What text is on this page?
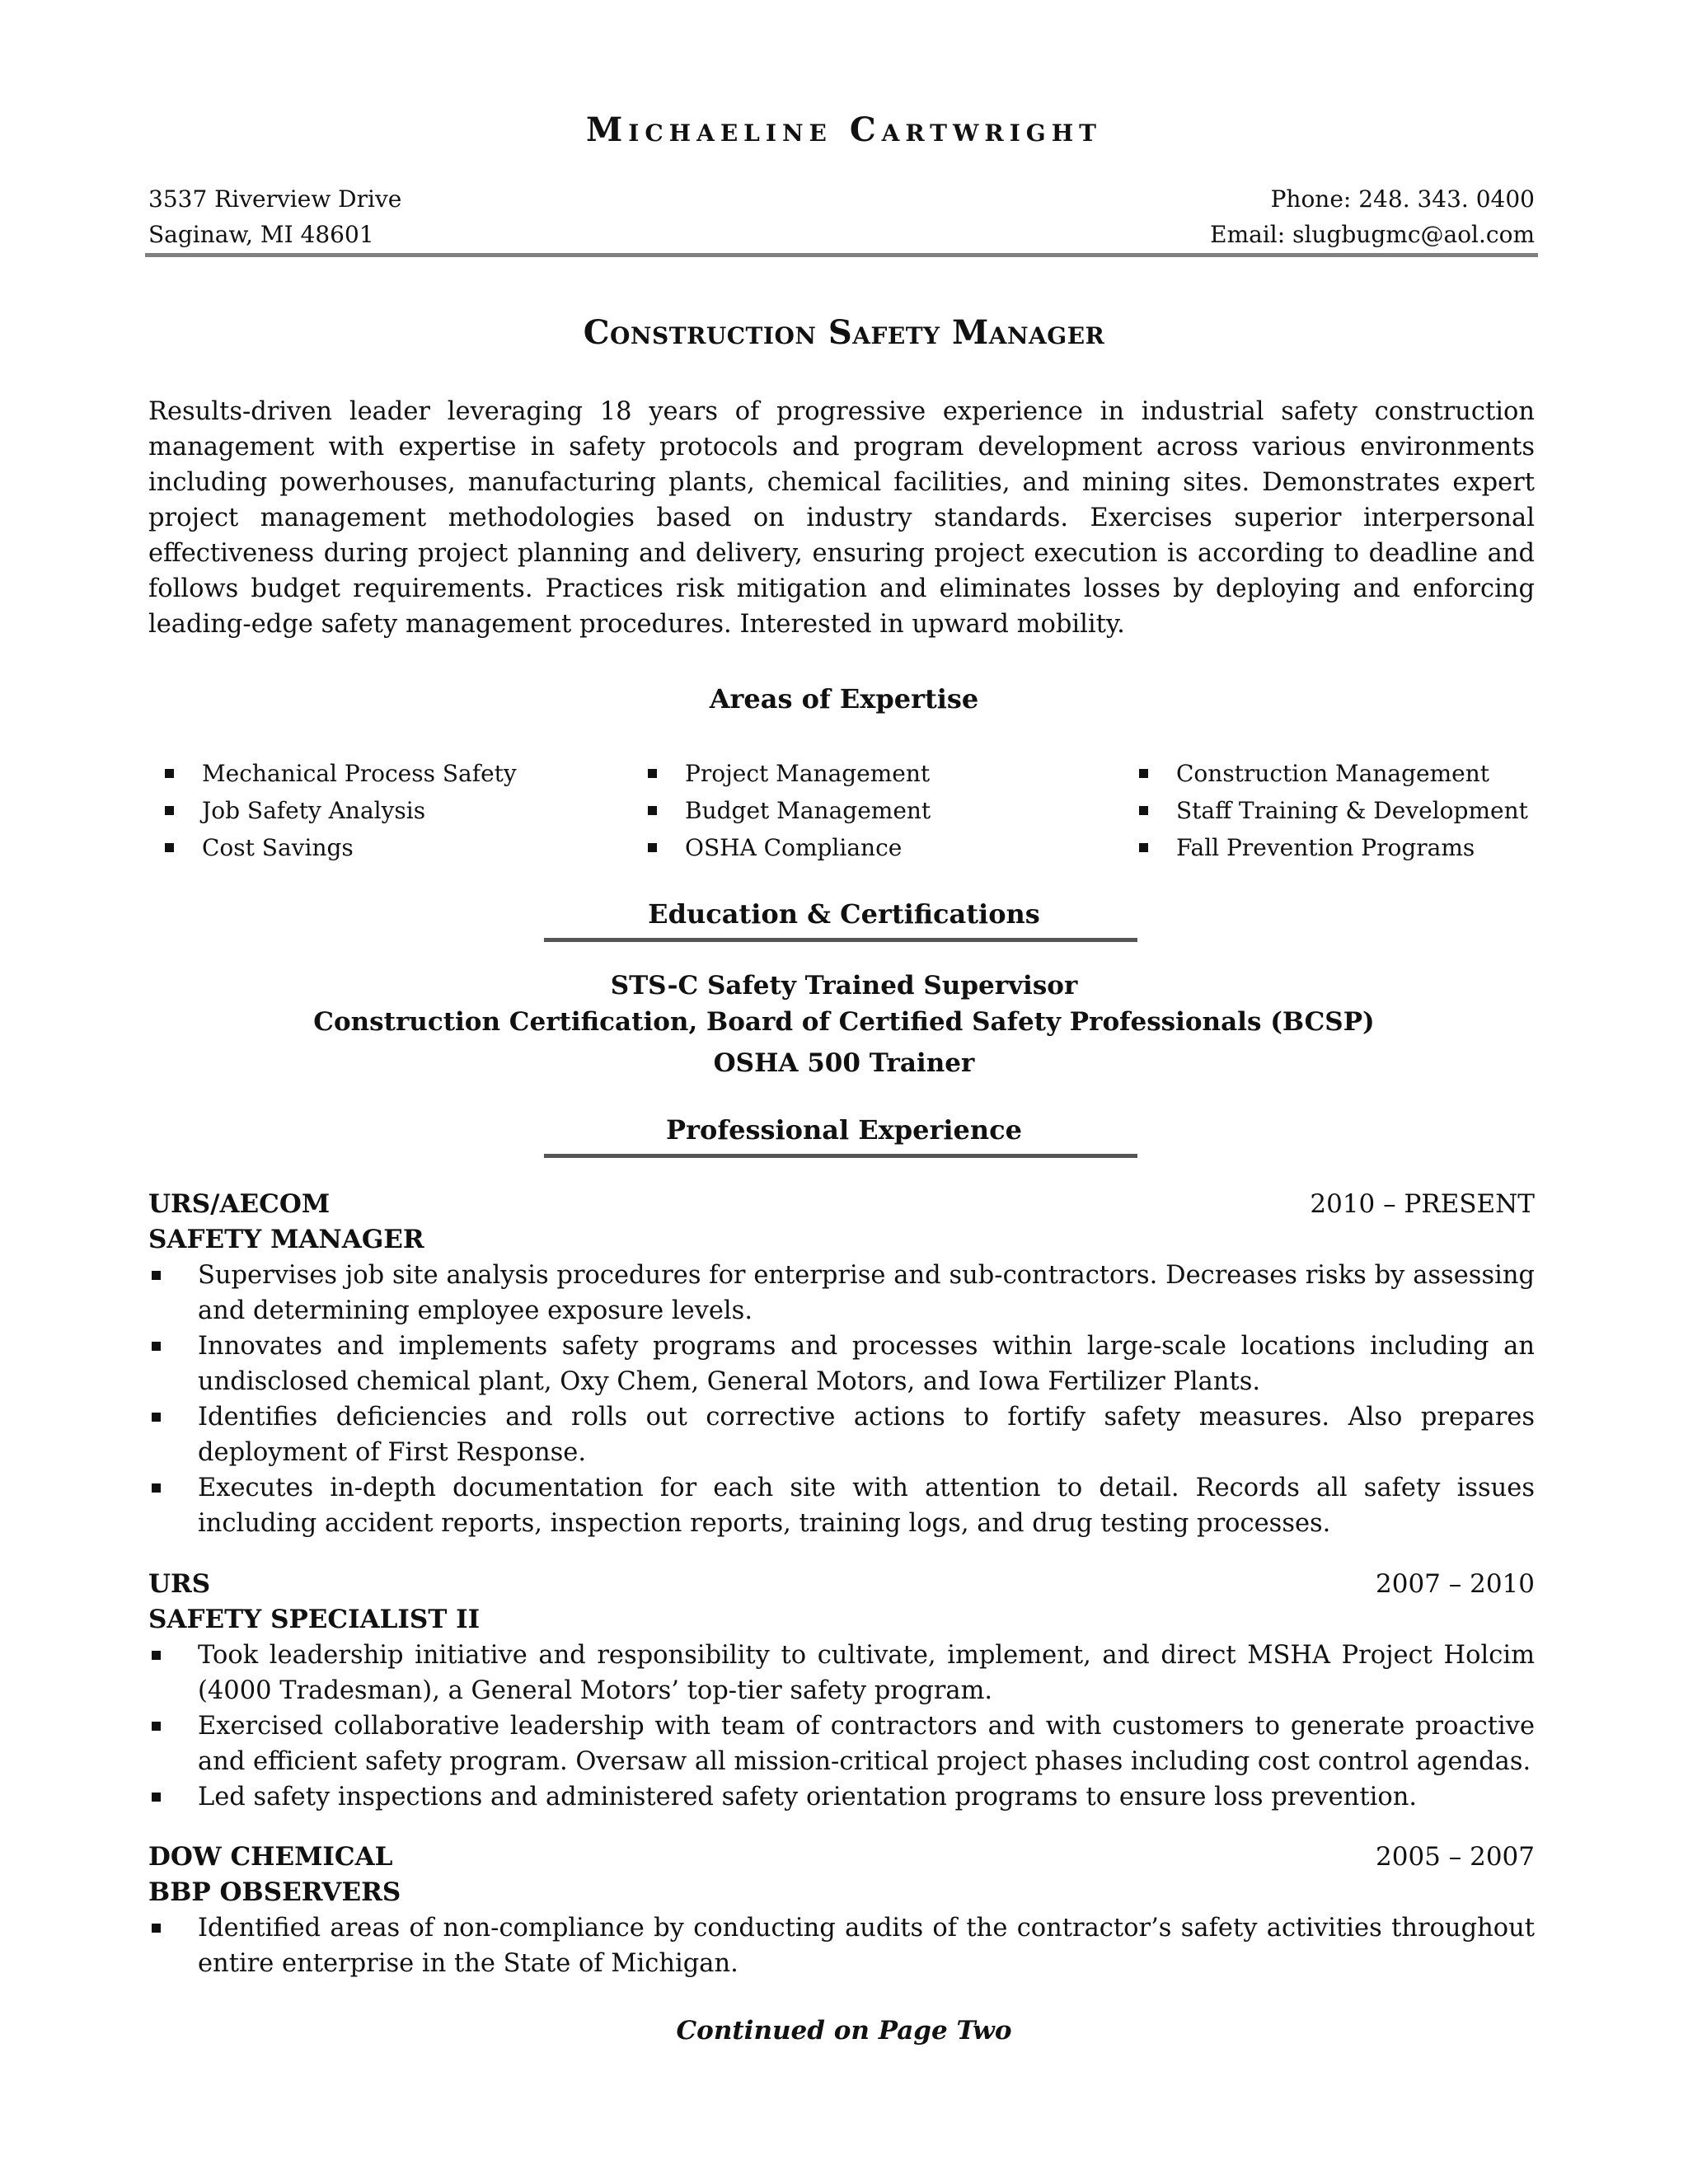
Michaeline Cartwright
3537 Riverview Drive
Saginaw, MI 48601
Phone: 248. 343. 0400
Email: slugbugmc@aol.com
Construction Safety Manager
Results-driven leader leveraging 18 years of progressive experience in industrial safety construction management with expertise in safety protocols and program development across various environments including powerhouses, manufacturing plants, chemical facilities, and mining sites. Demonstrates expert project management methodologies based on industry standards. Exercises superior interpersonal effectiveness during project planning and delivery, ensuring project execution is according to deadline and follows budget requirements. Practices risk mitigation and eliminates losses by deploying and enforcing leading-edge safety management procedures. Interested in upward mobility.
Areas of Expertise
Mechanical Process Safety
Job Safety Analysis
Cost Savings
Project Management
Budget Management
OSHA Compliance
Construction Management
Staff Training & Development
Fall Prevention Programs
Education & Certifications
STS-C Safety Trained Supervisor
Construction Certification, Board of Certified Safety Professionals (BCSP)
OSHA 500 Trainer
Professional Experience
URS/AECOM	2010 – PRESENT
SAFETY MANAGER
Supervises job site analysis procedures for enterprise and sub-contractors. Decreases risks by assessing and determining employee exposure levels.
Innovates and implements safety programs and processes within large-scale locations including an undisclosed chemical plant, Oxy Chem, General Motors, and Iowa Fertilizer Plants.
Identifies deficiencies and rolls out corrective actions to fortify safety measures. Also prepares deployment of First Response.
Executes in-depth documentation for each site with attention to detail. Records all safety issues including accident reports, inspection reports, training logs, and drug testing processes.
URS	2007 – 2010
SAFETY SPECIALIST II
Took leadership initiative and responsibility to cultivate, implement, and direct MSHA Project Holcim (4000 Tradesman), a General Motors’ top-tier safety program.
Exercised collaborative leadership with team of contractors and with customers to generate proactive and efficient safety program. Oversaw all mission-critical project phases including cost control agendas.
Led safety inspections and administered safety orientation programs to ensure loss prevention.
DOW CHEMICAL	2005 – 2007
BBP OBSERVERS
Identified areas of non-compliance by conducting audits of the contractor’s safety activities throughout entire enterprise in the State of Michigan.
Continued on Page Two
